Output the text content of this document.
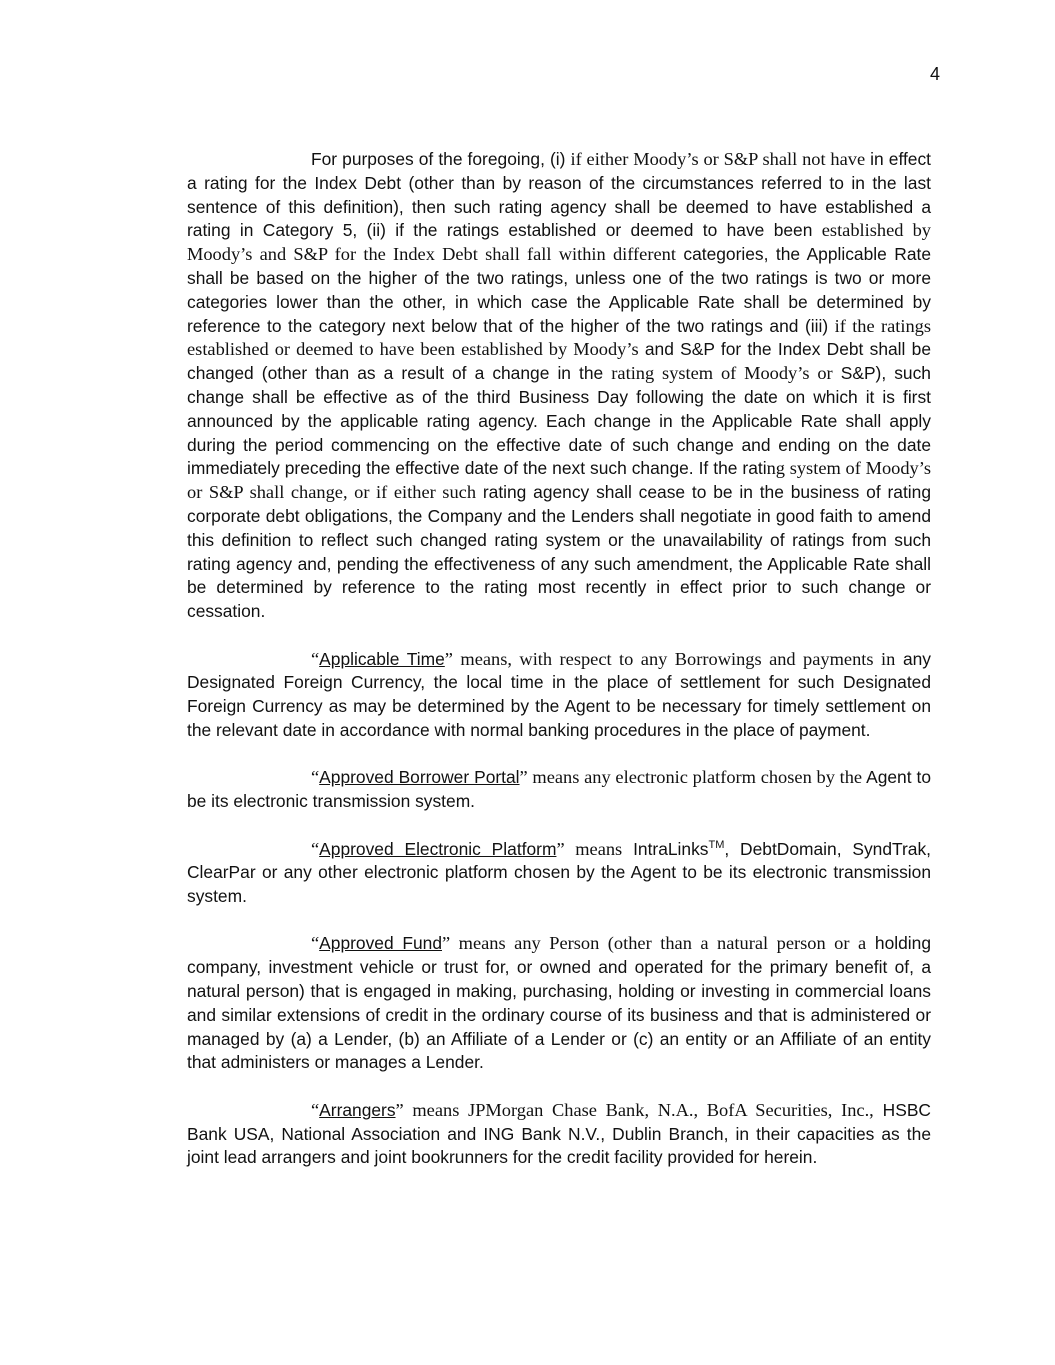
4

For purposes of the foregoing, (i) if either Moody’s or S&P shall not have in effect a rating for the Index Debt (other than by reason of the circumstances referred to in the last sentence of this definition), then such rating agency shall be deemed to have established a rating in Category 5, (ii) if the ratings established or deemed to have been established by Moody’s and S&P for the Index Debt shall fall within different categories, the Applicable Rate shall be based on the higher of the two ratings, unless one of the two ratings is two or more categories lower than the other, in which case the Applicable Rate shall be determined by reference to the category next below that of the higher of the two ratings and (iii) if the ratings established or deemed to have been established by Moody’s and S&P for the Index Debt shall be changed (other than as a result of a change in the rating system of Moody’s or S&P), such change shall be effective as of the third Business Day following the date on which it is first announced by the applicable rating agency. Each change in the Applicable Rate shall apply during the period commencing on the effective date of such change and ending on the date immediately preceding the effective date of the next such change. If the rating system of Moody’s or S&P shall change, or if either such rating agency shall cease to be in the business of rating corporate debt obligations, the Company and the Lenders shall negotiate in good faith to amend this definition to reflect such changed rating system or the unavailability of ratings from such rating agency and, pending the effectiveness of any such amendment, the Applicable Rate shall be determined by reference to the rating most recently in effect prior to such change or cessation.

“Applicable Time” means, with respect to any Borrowings and payments in any Designated Foreign Currency, the local time in the place of settlement for such Designated Foreign Currency as may be determined by the Agent to be necessary for timely settlement on the relevant date in accordance with normal banking procedures in the place of payment.

“Approved Borrower Portal” means any electronic platform chosen by the Agent to be its electronic transmission system.

“Approved Electronic Platform” means IntraLinks™, DebtDomain, SyndTrak, ClearPar or any other electronic platform chosen by the Agent to be its electronic transmission system.

“Approved Fund” means any Person (other than a natural person or a holding company, investment vehicle or trust for, or owned and operated for the primary benefit of, a natural person) that is engaged in making, purchasing, holding or investing in commercial loans and similar extensions of credit in the ordinary course of its business and that is administered or managed by (a) a Lender, (b) an Affiliate of a Lender or (c) an entity or an Affiliate of an entity that administers or manages a Lender.

“Arrangers” means JPMorgan Chase Bank, N.A., BofA Securities, Inc., HSBC Bank USA, National Association and ING Bank N.V., Dublin Branch, in their capacities as the joint lead arrangers and joint bookrunners for the credit facility provided for herein.
